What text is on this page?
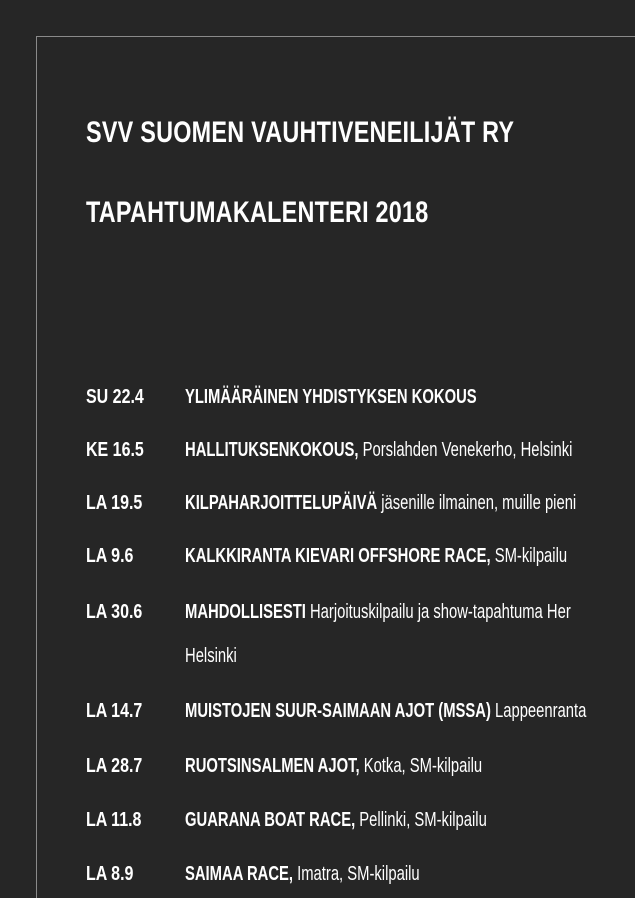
SVV SUOMEN VAUHTIVENEILIJÄT RY
TAPAHTUMAKALENTERI 2018
SU 22.4	YLIMÄÄRÄINEN YHDISTYKSEN KOKOUS
KE 16.5	HALLITUKSENKOKOUS, Porslahden Venekerho, Helsinki
LA 19.5	KILPAHARJOITTELUPÄIVÄ jäsenille ilmainen, muille pieni
LA 9.6	KALKKIRANTA KIEVARI OFFSHORE RACE, SM-kilpailu
LA 30.6	MAHDOLLISESTI Harjoituskilpailu ja show-tapahtuma Her
Helsinki
LA 14.7	MUISTOJEN SUUR-SAIMAAN AJOT (MSSA) Lappeenranta
LA 28.7	RUOTSINSALMEN AJOT, Kotka, SM-kilpailu
LA 11.8	GUARANA BOAT RACE, Pellinki, SM-kilpailu
LA 8.9	SAIMAA RACE, Imatra, SM-kilpailu
